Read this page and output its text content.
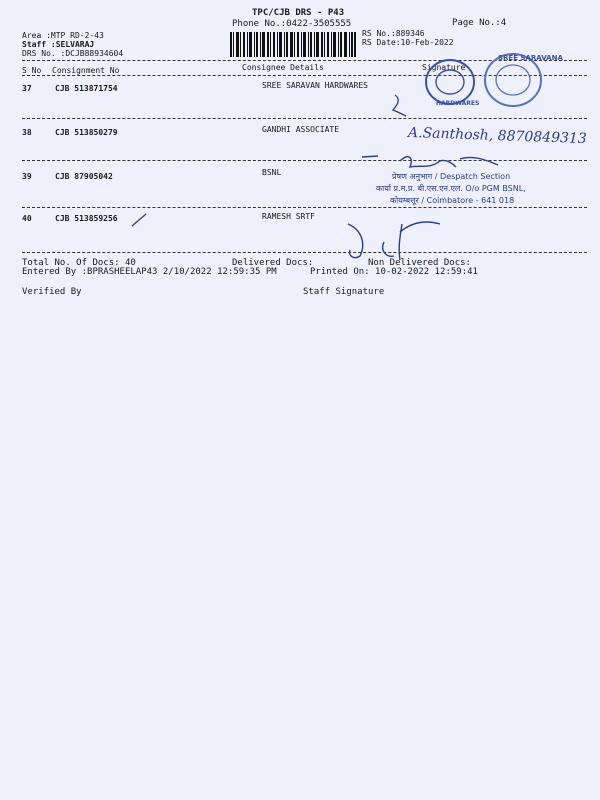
TPC/CJB DRS - P43
Phone No.:0422-3505555	Page No.:4
Area :MTP RD-2-43
Staff :SELVARAJ
DRS No. :DCJB88934604
RS No.:889346
RS Date:10-Feb-2022
S No Consignment No	Consignee Details	Signature
37	CJB 513871754	SREE SARAVAN HARDWARES
38	CJB 513850279	GANDHI ASSOCIATE
39	CJB 87905042	BSNL
40	CJB 513859256	RAMESH SRTF
SREE SARAVANA
HARDWARES
A.Santhosh, 8870849313
प्रेषण अनुभाग / Despatch Section
कार्या प्र.म.प्र. बी.एस.एन.एल. O/o PGM BSNL,
कोयम्बत्तूर / Coimbatore - 641 018
Total No. Of Docs: 40	Delivered Docs:	Non Delivered Docs:
Entered By :BPRASHEELAP43 2/10/2022 12:59:35 PM	Printed On: 10-02-2022 12:59:41
Verified By	Staff Signature
